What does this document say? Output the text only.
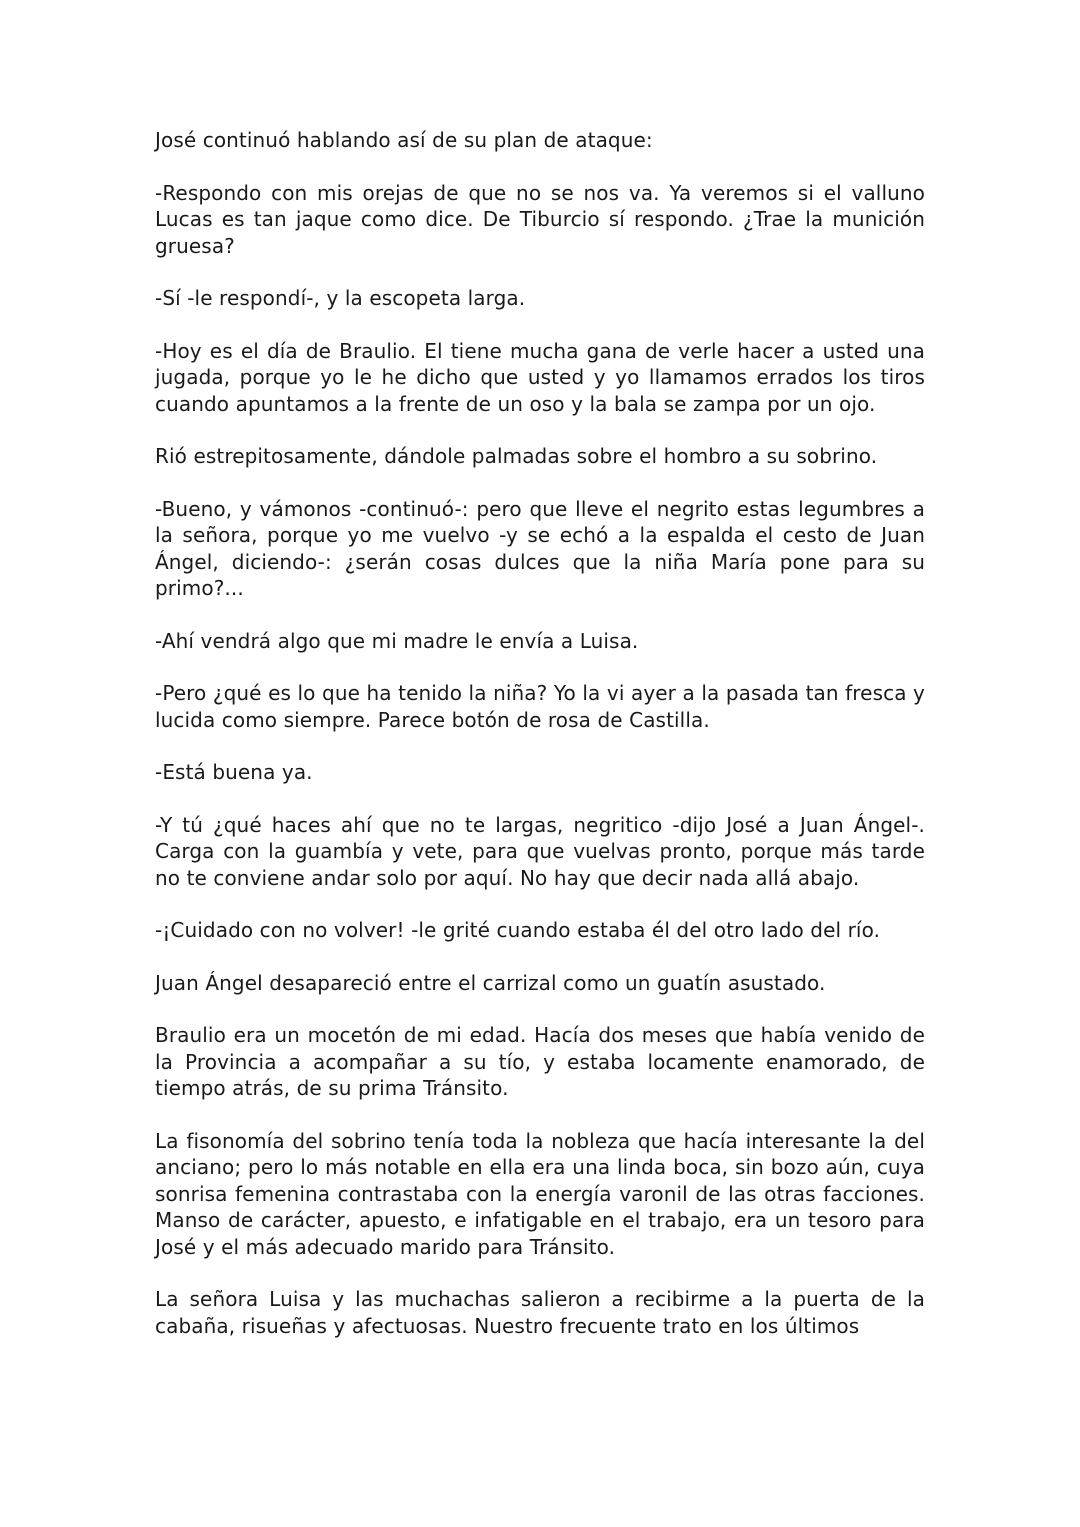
José continuó hablando así de su plan de ataque:

-Respondo con mis orejas de que no se nos va. Ya veremos si el valluno Lucas es tan jaque como dice. De Tiburcio sí respondo. ¿Trae la munición gruesa?

-Sí -le respondí-, y la escopeta larga.

-Hoy es el día de Braulio. El tiene mucha gana de verle hacer a usted una jugada, porque yo le he dicho que usted y yo llamamos errados los tiros cuando apuntamos a la frente de un oso y la bala se zampa por un ojo.

Rió estrepitosamente, dándole palmadas sobre el hombro a su sobrino.

-Bueno, y vámonos -continuó-: pero que lleve el negrito estas legumbres a la señora, porque yo me vuelvo -y se echó a la espalda el cesto de Juan Ángel, diciendo-: ¿serán cosas dulces que la niña María pone para su primo?...

-Ahí vendrá algo que mi madre le envía a Luisa.

-Pero ¿qué es lo que ha tenido la niña? Yo la vi ayer a la pasada tan fresca y lucida como siempre. Parece botón de rosa de Castilla.

-Está buena ya.

-Y tú ¿qué haces ahí que no te largas, negritico -dijo José a Juan Ángel-. Carga con la guambía y vete, para que vuelvas pronto, porque más tarde no te conviene andar solo por aquí. No hay que decir nada allá abajo.

-¡Cuidado con no volver! -le grité cuando estaba él del otro lado del río.

Juan Ángel desapareció entre el carrizal como un guatín asustado.

Braulio era un mocetón de mi edad. Hacía dos meses que había venido de la Provincia a acompañar a su tío, y estaba locamente enamorado, de tiempo atrás, de su prima Tránsito.

La fisonomía del sobrino tenía toda la nobleza que hacía interesante la del anciano; pero lo más notable en ella era una linda boca, sin bozo aún, cuya sonrisa femenina contrastaba con la energía varonil de las otras facciones. Manso de carácter, apuesto, e infatigable en el trabajo, era un tesoro para José y el más adecuado marido para Tránsito.

La señora Luisa y las muchachas salieron a recibirme a la puerta de la cabaña, risueñas y afectuosas. Nuestro frecuente trato en los últimos
